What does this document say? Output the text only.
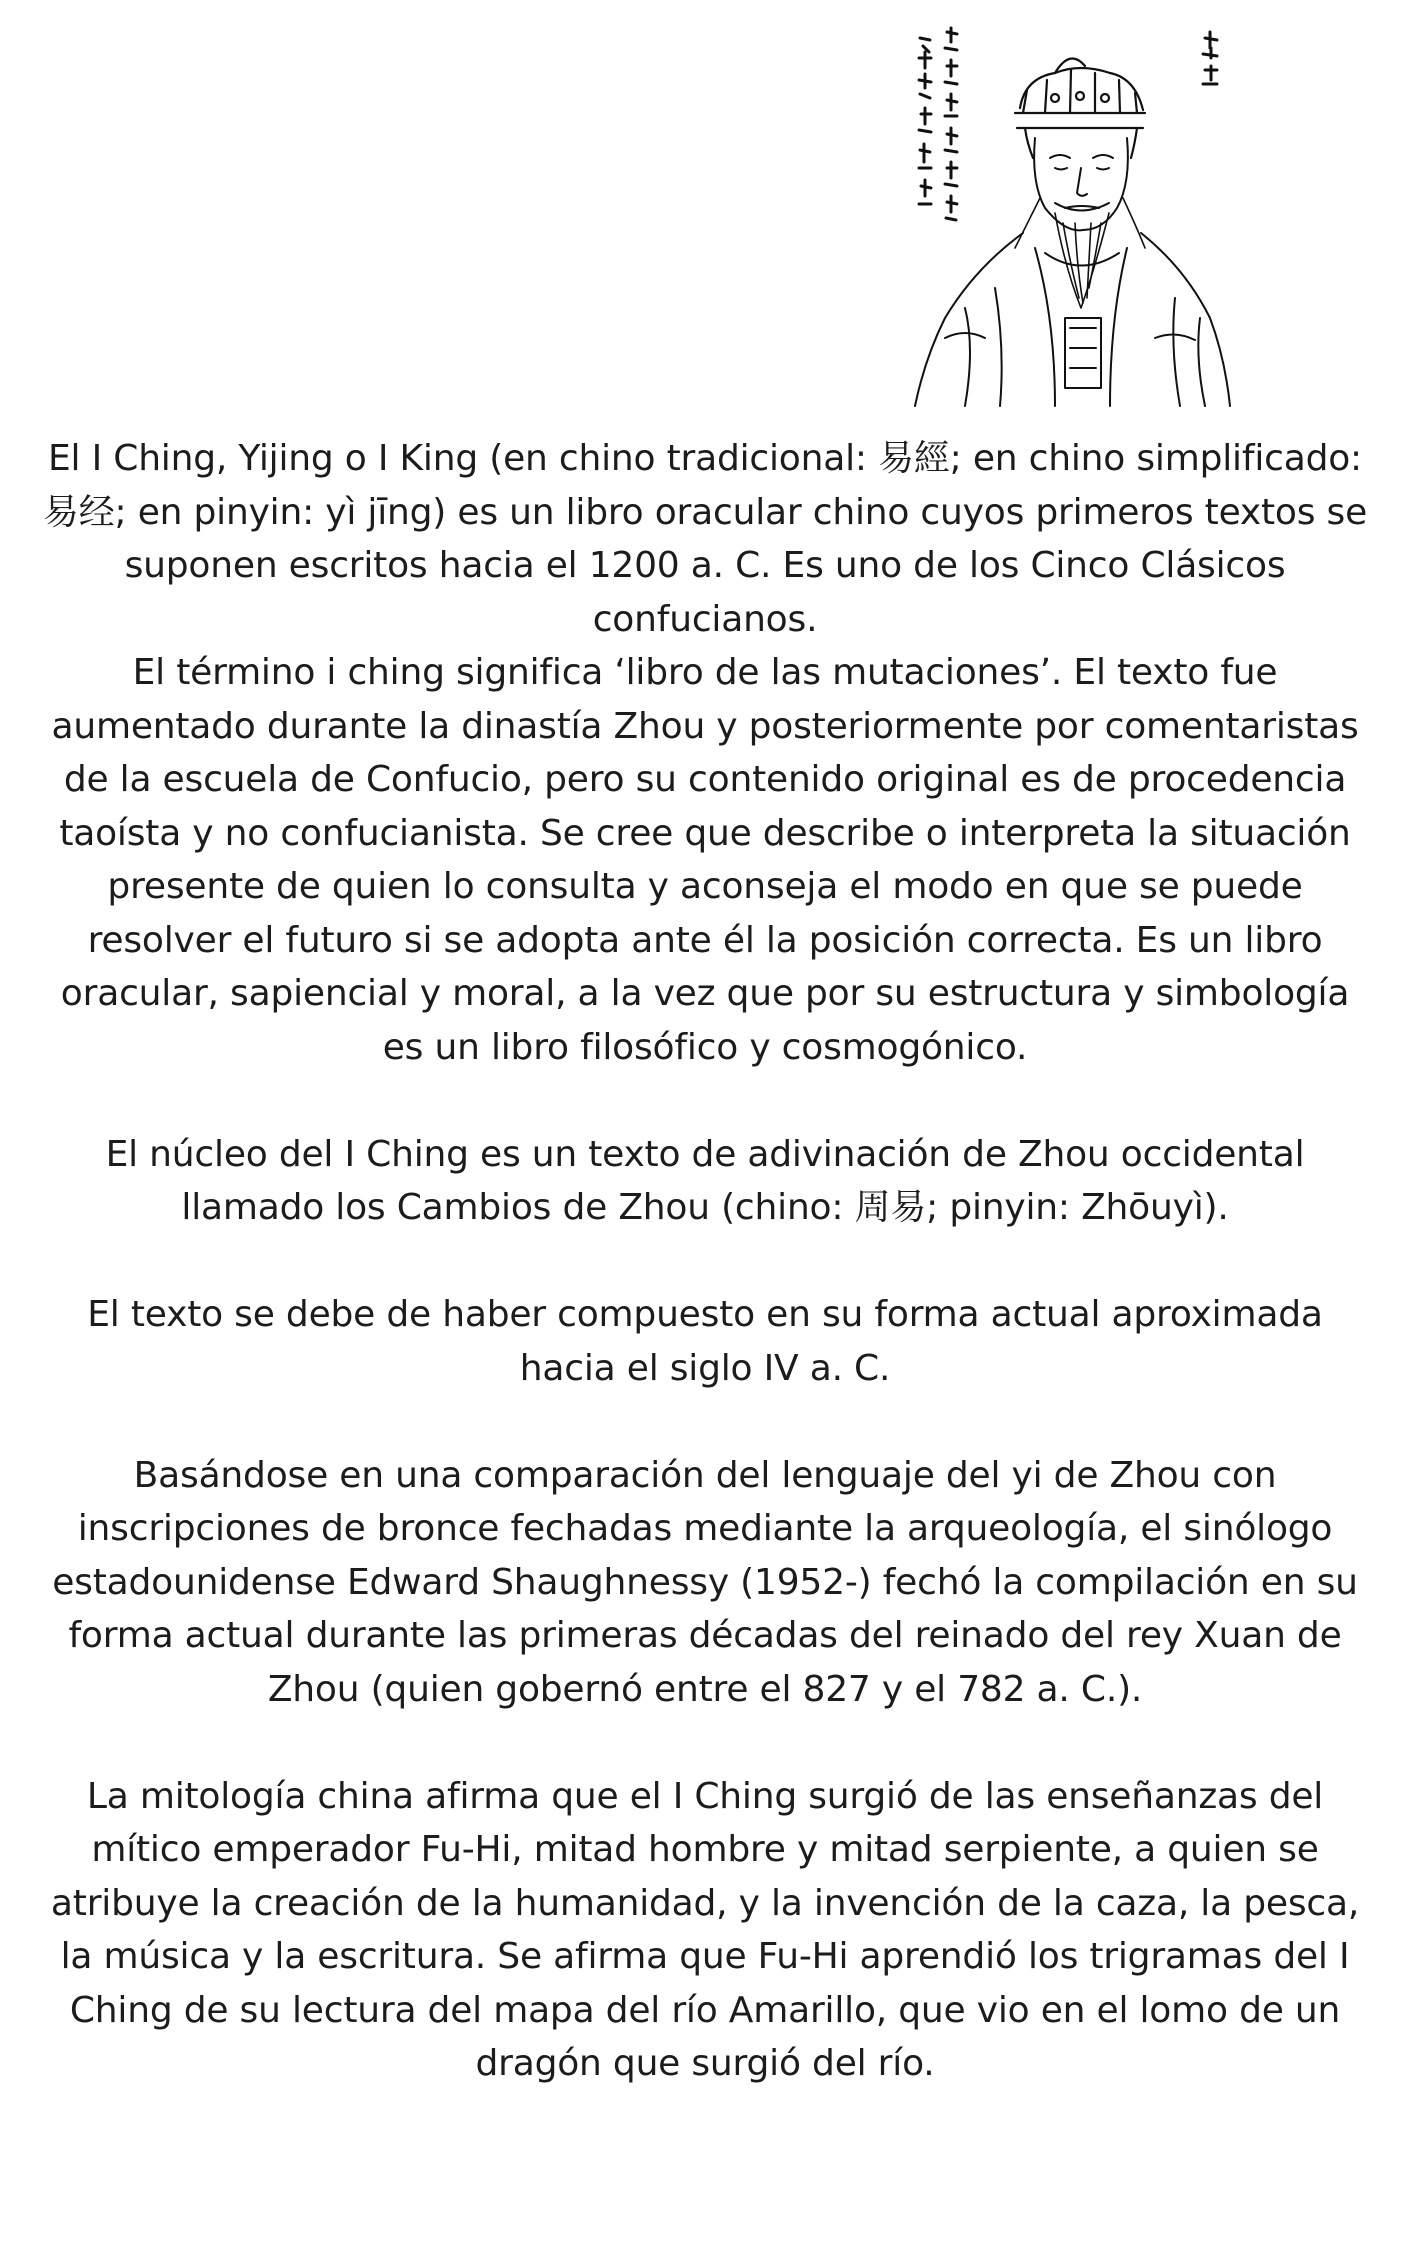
El I Ching, Yijing o I King (en chino tradicional: 易經; en chino simplificado: 易经; en pinyin: yì jīng) es un libro oracular chino cuyos primeros textos se suponen escritos hacia el 1200 a. C. Es uno de los Cinco Clásicos confucianos.

El término i ching significa ‘libro de las mutaciones’. El texto fue aumentado durante la dinastía Zhou y posteriormente por comentaristas de la escuela de Confucio, pero su contenido original es de procedencia taoísta y no confucianista. Se cree que describe o interpreta la situación presente de quien lo consulta y aconseja el modo en que se puede resolver el futuro si se adopta ante él la posición correcta. Es un libro oracular, sapiencial y moral, a la vez que por su estructura y simbología es un libro filosófico y cosmogónico.

El núcleo del I Ching es un texto de adivinación de Zhou occidental llamado los Cambios de Zhou (chino: 周易; pinyin: Zhōuyì).

El texto se debe de haber compuesto en su forma actual aproximada hacia el siglo IV a. C.

Basándose en una comparación del lenguaje del yi de Zhou con inscripciones de bronce fechadas mediante la arqueología, el sinólogo estadounidense Edward Shaughnessy (1952-) fechó la compilación en su forma actual durante las primeras décadas del reinado del rey Xuan de Zhou (quien gobernó entre el 827 y el 782 a. C.).

La mitología china afirma que el I Ching surgió de las enseñanzas del mítico emperador Fu-Hi, mitad hombre y mitad serpiente, a quien se atribuye la creación de la humanidad, y la invención de la caza, la pesca, la música y la escritura. Se afirma que Fu-Hi aprendió los trigramas del I Ching de su lectura del mapa del río Amarillo, que vio en el lomo de un dragón que surgió del río.
